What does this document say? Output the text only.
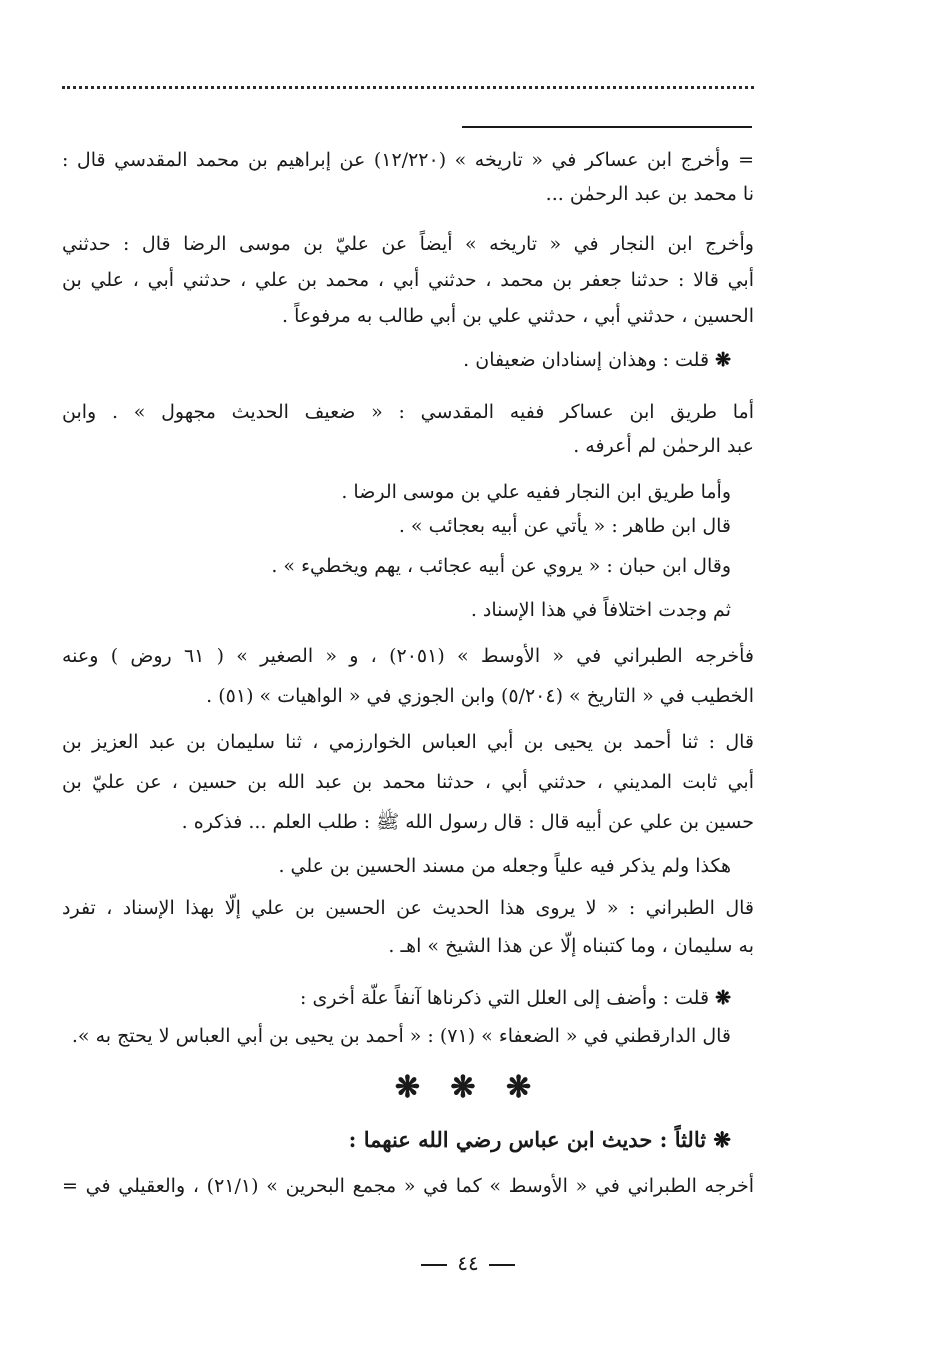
= وأخرج ابن عساكر في « تاريخه » (١٢/٢٢٠) عن إبراهيم بن محمد المقدسي قال :
نا محمد بن عبد الرحمٰن ...
وأخرج ابن النجار في « تاريخه » أيضاً عن عليّ بن موسى الرضا قال : حدثني
أبي قالا : حدثنا جعفر بن محمد ، حدثني أبي ، محمد بن علي ، حدثني أبي ، علي بن
الحسين ، حدثني أبي ، حدثني علي بن أبي طالب به مرفوعاً .
❋ قلت : وهذان إسنادان ضعيفان .
أما طريق ابن عساكر ففيه المقدسي : « ضعيف الحديث مجهول » . وابن
عبد الرحمٰن لم أعرفه .
وأما طريق ابن النجار ففيه علي بن موسى الرضا .
قال ابن طاهر : « يأتي عن أبيه بعجائب » .
وقال ابن حبان : « يروي عن أبيه عجائب ، يهم ويخطيء » .
ثم وجدت اختلافاً في هذا الإسناد .
فأخرجه الطبراني في « الأوسط » (٢٠٥١) ، و « الصغير » ( ٦١ روض ) وعنه
الخطيب في « التاريخ » (٥/٢٠٤) وابن الجوزي في « الواهيات » (٥١) .
قال : ثنا أحمد بن يحيى بن أبي العباس الخوارزمي ، ثنا سليمان بن عبد العزيز بن
أبي ثابت المديني ، حدثني أبي ، حدثنا محمد بن عبد الله بن حسين ، عن عليّ بن
حسين بن علي عن أبيه قال : قال رسول الله ﷺ : طلب العلم ... فذكره .
هكذا ولم يذكر فيه علياً وجعله من مسند الحسين بن علي .
قال الطبراني : « لا يروى هذا الحديث عن الحسين بن علي إلّا بهذا الإسناد ، تفرد
به سليمان ، وما كتبناه إلّا عن هذا الشيخ » اهـ .
❋ قلت : وأضف إلى العلل التي ذكرناها آنفاً علّة أخرى :
قال الدارقطني في « الضعفاء » (٧١) : « أحمد بن يحيى بن أبي العباس لا يحتج به ».
❋ ❋ ❋
❋ ثالثاً : حديث ابن عباس رضي الله عنهما :
أخرجه الطبراني في « الأوسط » كما في « مجمع البحرين » (٢١/١) ، والعقيلي في =
٤٤
